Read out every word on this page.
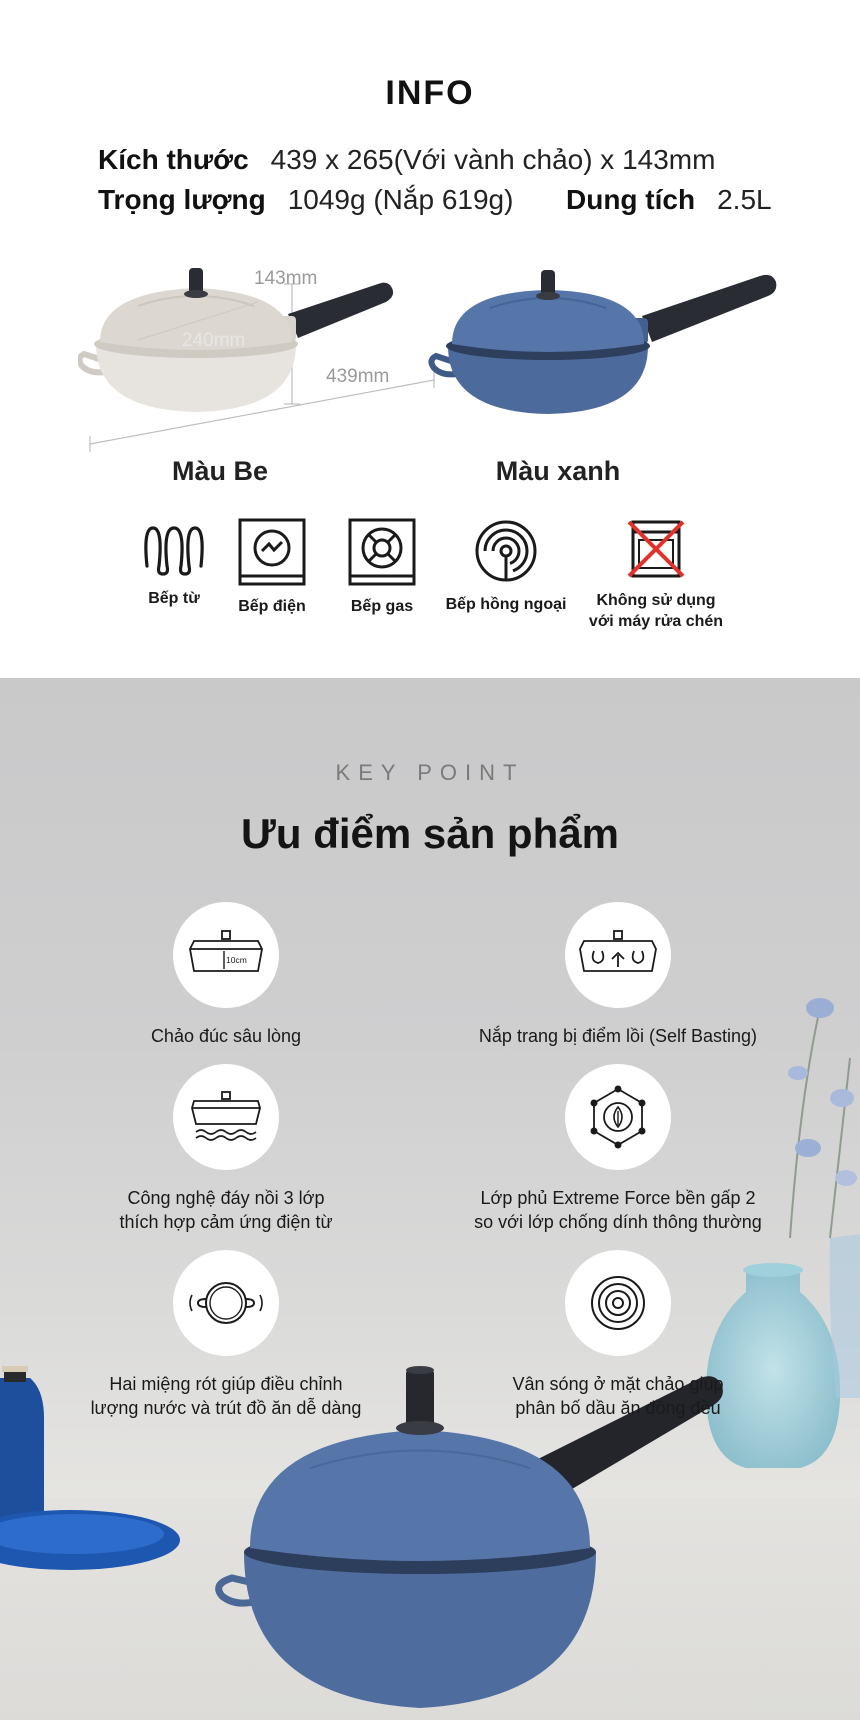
INFO
Kích thước 439 x 265(Với vành chảo) x 143mm
Trọng lượng 1049g (Nắp 619g) Dung tích 2.5L
143mm
240mm
439mm
Màu Be	Màu xanh
Bếp từ	Bếp điện	Bếp gas	Bếp hồng ngoại	Không sử dụng
với máy rửa chén
KEY POINT
Ưu điểm sản phẩm
10cm
Chảo đúc sâu lòng	Nắp trang bị điểm lồi (Self Basting)
Công nghệ đáy nồi 3 lớp
thích hợp cảm ứng điện từ
Lớp phủ Extreme Force bền gấp 2
so với lớp chống dính thông thường
Hai miệng rót giúp điều chỉnh
lượng nước và trút đồ ăn dễ dàng
Vân sóng ở mặt chảo giúp
phân bố dầu ăn đồng đều
